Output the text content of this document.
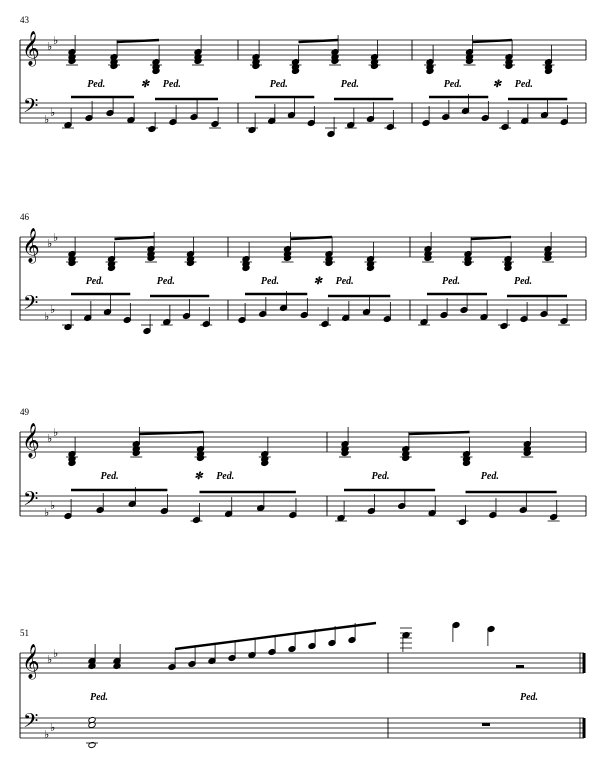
43
𝄞
𝄢
♭ ♭
♭
♭
Ped.	Ped.
✻	Ped.	Ped.	Ped.	Ped.
✻
46
𝄞
𝄢
♭ ♭
♭
♭
Ped.	Ped.	Ped.	Ped.
✻	Ped.	Ped.
49
𝄞
𝄢
♭ ♭
♭
♭
Ped.	Ped.
✻	Ped.	Ped.
51
𝄞
𝄢
♭ ♭
♭
♭
Ped.	Ped.
